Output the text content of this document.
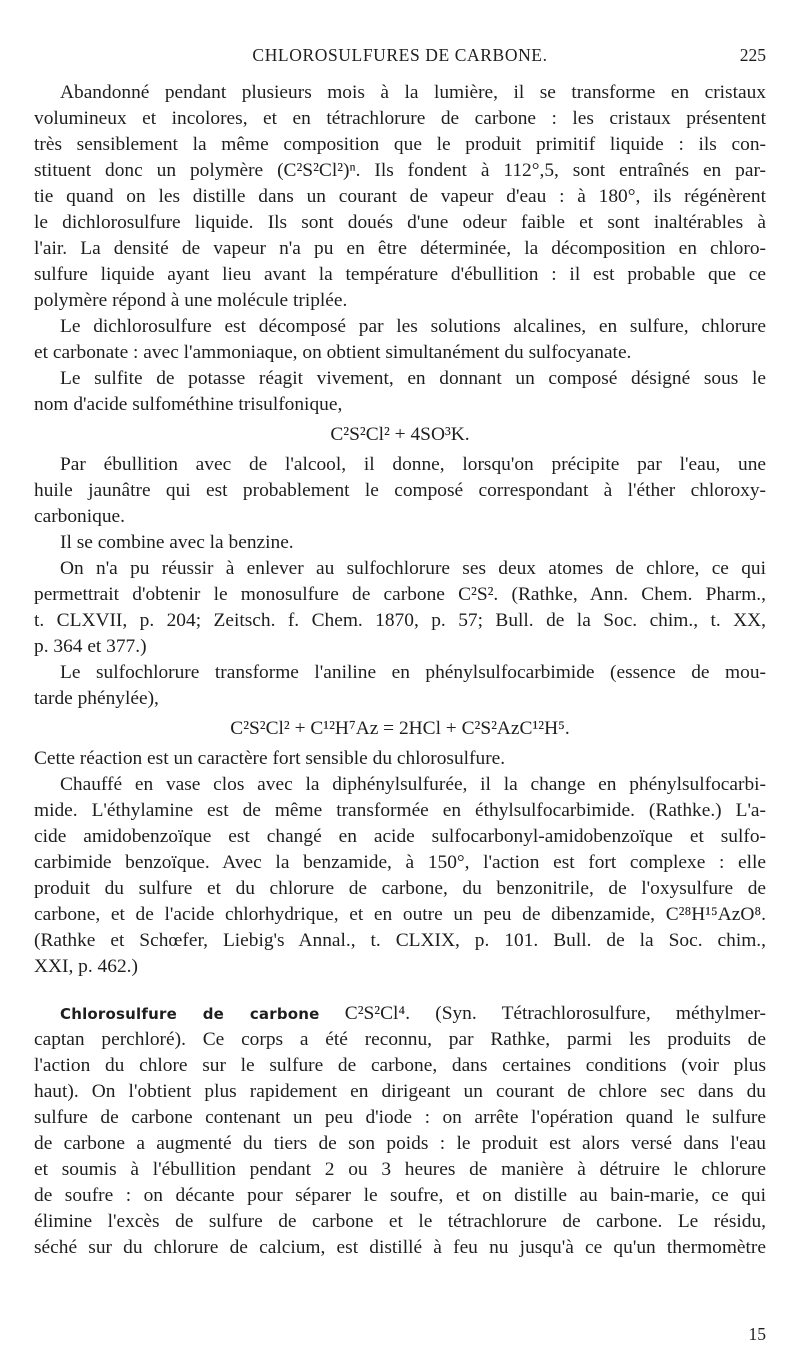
CHLOROSULFURES DE CARBONE.	225
Abandonné pendant plusieurs mois à la lumière, il se transforme en cristaux
volumineux et incolores, et en tétrachlorure de carbone : les cristaux présentent
très sensiblement la même composition que le produit primitif liquide : ils con-
stituent donc un polymère (C²S²Cl²)ⁿ. Ils fondent à 112°,5, sont entraînés en par-
tie quand on les distille dans un courant de vapeur d'eau : à 180°, ils régénèrent
le dichlorosulfure liquide. Ils sont doués d'une odeur faible et sont inaltérables à
l'air. La densité de vapeur n'a pu en être déterminée, la décomposition en chloro-
sulfure liquide ayant lieu avant la température d'ébullition : il est probable que ce
polymère répond à une molécule triplée.
Le dichlorosulfure est décomposé par les solutions alcalines, en sulfure, chlorure
et carbonate : avec l'ammoniaque, on obtient simultanément du sulfocyanate.
Le sulfite de potasse réagit vivement, en donnant un composé désigné sous le
nom d'acide sulfométhine trisulfonique,
C²S²Cl² + 4SO³K.
Par ébullition avec de l'alcool, il donne, lorsqu'on précipite par l'eau, une
huile jaunâtre qui est probablement le composé correspondant à l'éther chloroxy-
carbonique.
Il se combine avec la benzine.
On n'a pu réussir à enlever au sulfochlorure ses deux atomes de chlore, ce qui
permettrait d'obtenir le monosulfure de carbone C²S². (Rathke, Ann. Chem. Pharm.,
t. CLXVII, p. 204; Zeitsch. f. Chem. 1870, p. 57; Bull. de la Soc. chim., t. XX,
p. 364 et 377.)
Le sulfochlorure transforme l'aniline en phénylsulfocarbimide (essence de mou-
tarde phénylée),
C²S²Cl² + C¹²H⁷Az = 2HCl + C²S²AzC¹²H⁵.
Cette réaction est un caractère fort sensible du chlorosulfure.
Chauffé en vase clos avec la diphénylsulfurée, il la change en phénylsulfocarbi-
mide. L'éthylamine est de même transformée en éthylsulfocarbimide. (Rathke.) L'a-
cide amidobenzoïque est changé en acide sulfocarbonyl-amidobenzoïque et sulfo-
carbimide benzoïque. Avec la benzamide, à 150°, l'action est fort complexe : elle
produit du sulfure et du chlorure de carbone, du benzonitrile, de l'oxysulfure de
carbone, et de l'acide chlorhydrique, et en outre un peu de dibenzamide, C²⁸H¹⁵AzO⁸.
(Rathke et Schœfer, Liebig's Annal., t. CLXIX, p. 101. Bull. de la Soc. chim.,
XXI, p. 462.)
Chlorosulfure de carbone C²S²Cl⁴. (Syn. Tétrachlorosulfure, méthylmer-
captan perchloré). Ce corps a été reconnu, par Rathke, parmi les produits de
l'action du chlore sur le sulfure de carbone, dans certaines conditions (voir plus
haut). On l'obtient plus rapidement en dirigeant un courant de chlore sec dans du
sulfure de carbone contenant un peu d'iode : on arrête l'opération quand le sulfure
de carbone a augmenté du tiers de son poids : le produit est alors versé dans l'eau
et soumis à l'ébullition pendant 2 ou 3 heures de manière à détruire le chlorure
de soufre : on décante pour séparer le soufre, et on distille au bain-marie, ce qui
élimine l'excès de sulfure de carbone et le tétrachlorure de carbone. Le résidu,
séché sur du chlorure de calcium, est distillé à feu nu jusqu'à ce qu'un thermomètre
15
